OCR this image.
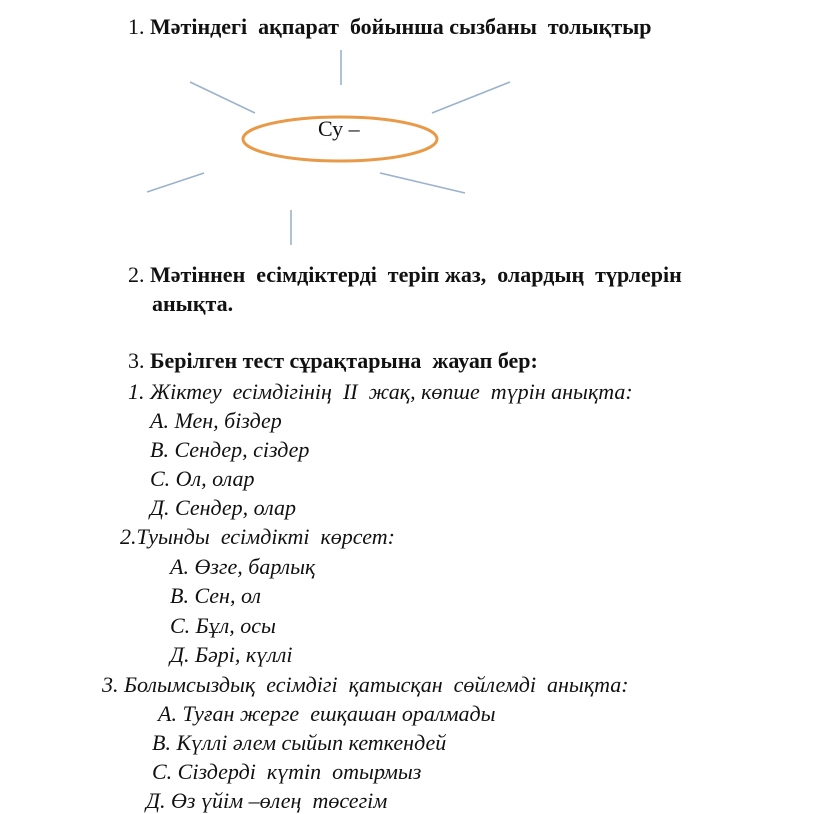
1. Мәтіндегі  ақпарат  бойынша сызбаны  толықтыр
Су –
2. Мәтіннен  есімдіктерді  теріп жаз,  олардың  түрлерін
анықта.
3. Берілген тест сұрақтарына  жауап бер:
1. Жіктеу  есімдігінің  ІІ  жақ, көпше  түрін анықта:
А. Мен, біздер
В. Сендер, сіздер
С. Ол, олар
Д. Сендер, олар
2.Туынды  есімдікті  көрсет:
А. Өзге, барлық
В. Сен, ол
С. Бұл, осы
Д. Бәрі, күллі
3. Болымсыздық  есімдігі  қатысқан  сөйлемді  анықта:
А. Туған жерге  ешқашан оралмады
В. Күллі әлем сыйып кеткендей
С. Сіздерді  күтіп  отырмыз
Д. Өз үйім –өлең  төсегім
